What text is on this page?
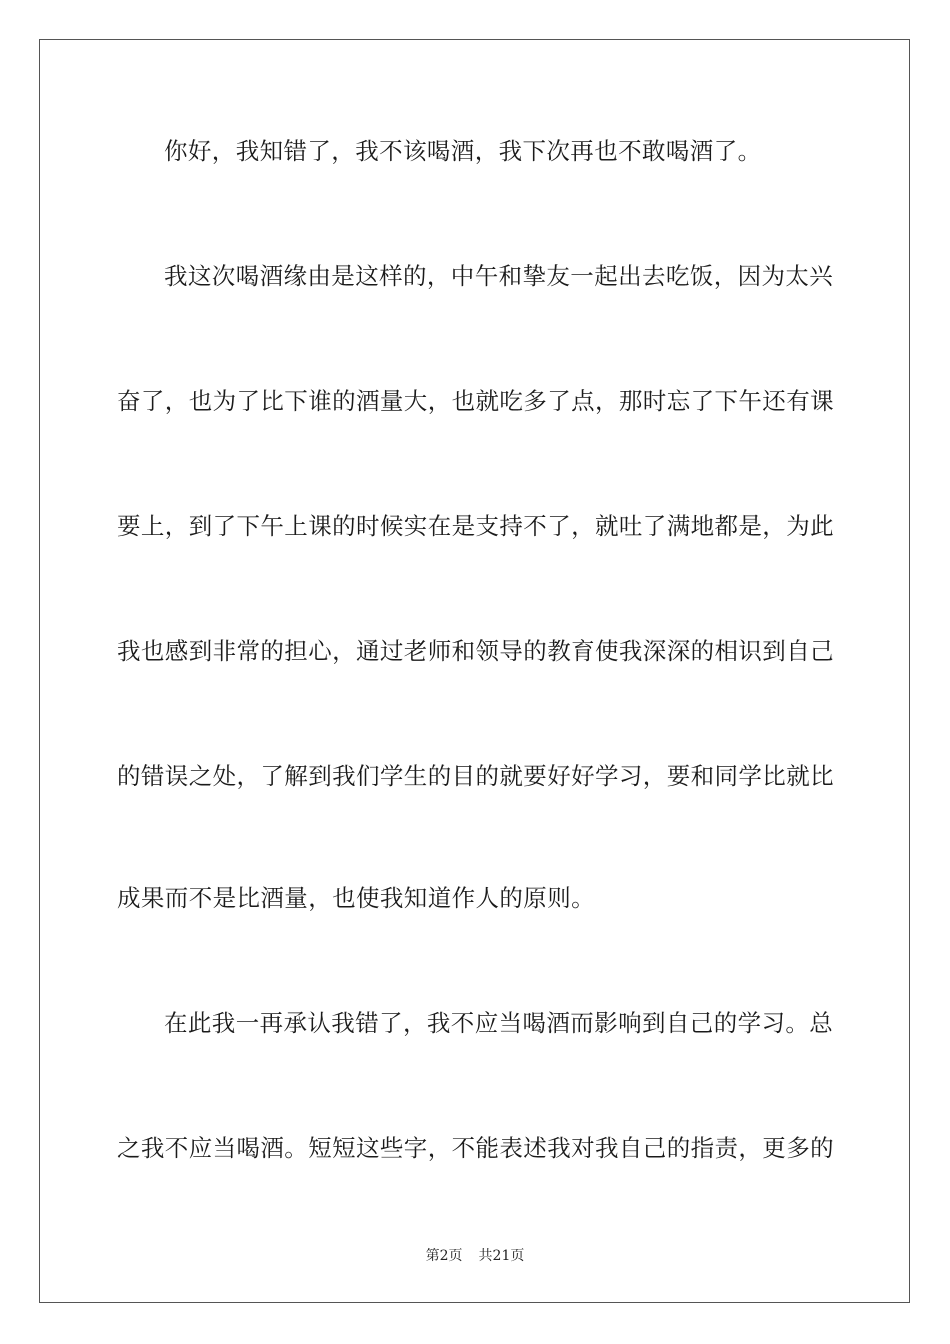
你好，我知错了，我不该喝酒，我下次再也不敢喝酒了。
我这次喝酒缘由是这样的，中午和挚友一起出去吃饭，因为太兴
奋了，也为了比下谁的酒量大，也就吃多了点，那时忘了下午还有课
要上，到了下午上课的时候实在是支持不了，就吐了满地都是，为此
我也感到非常的担心，通过老师和领导的教育使我深深的相识到自己
的错误之处，了解到我们学生的目的就要好好学习，要和同学比就比
成果而不是比酒量，也使我知道作人的原则。
在此我一再承认我错了，我不应当喝酒而影响到自己的学习。总
之我不应当喝酒。短短这些字，不能表述我对我自己的指责，更多的
第2页 共21页
